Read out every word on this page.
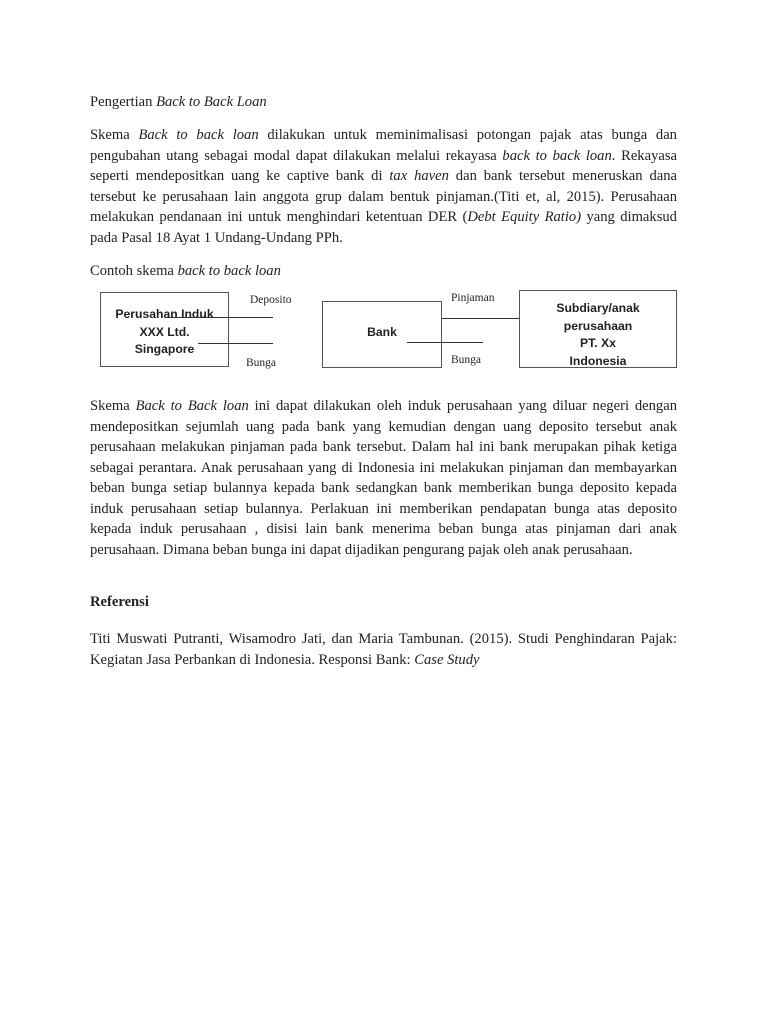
Pengertian Back to Back Loan

Skema Back to back loan dilakukan untuk meminimalisasi potongan pajak atas bunga dan pengubahan utang sebagai modal dapat dilakukan melalui rekayasa back to back loan. Rekayasa seperti mendepositkan uang ke captive bank di tax haven dan bank tersebut meneruskan dana tersebut ke perusahaan lain anggota grup dalam bentuk pinjaman.(Titi et, al, 2015). Perusahaan melakukan pendanaan ini untuk menghindari ketentuan DER (Debt Equity Ratio) yang dimaksud pada Pasal 18 Ayat 1 Undang-Undang PPh.

Contoh skema back to back loan

Perusahan Induk
XXX Ltd.
Singapore
Bank
Subdiary/anak
perusahaan
PT. Xx
Indonesia
Deposito
Bunga
Pinjaman
Bunga

Skema Back to Back loan ini dapat dilakukan oleh induk perusahaan yang diluar negeri dengan mendepositkan sejumlah uang pada bank yang kemudian dengan uang deposito tersebut anak perusahaan melakukan pinjaman pada bank tersebut. Dalam hal ini bank merupakan pihak ketiga sebagai perantara. Anak perusahaan yang di Indonesia ini melakukan pinjaman dan membayarkan beban bunga setiap bulannya kepada bank sedangkan bank memberikan bunga deposito kepada induk perusahaan setiap bulannya. Perlakuan ini memberikan pendapatan bunga atas deposito kepada induk perusahaan , disisi lain bank menerima beban bunga atas pinjaman dari anak perusahaan. Dimana beban bunga ini dapat dijadikan pengurang pajak oleh anak perusahaan.

Referensi

Titi Muswati Putranti, Wisamodro Jati, dan Maria Tambunan. (2015). Studi Penghindaran Pajak: Kegiatan Jasa Perbankan di Indonesia. Responsi Bank: Case Study
